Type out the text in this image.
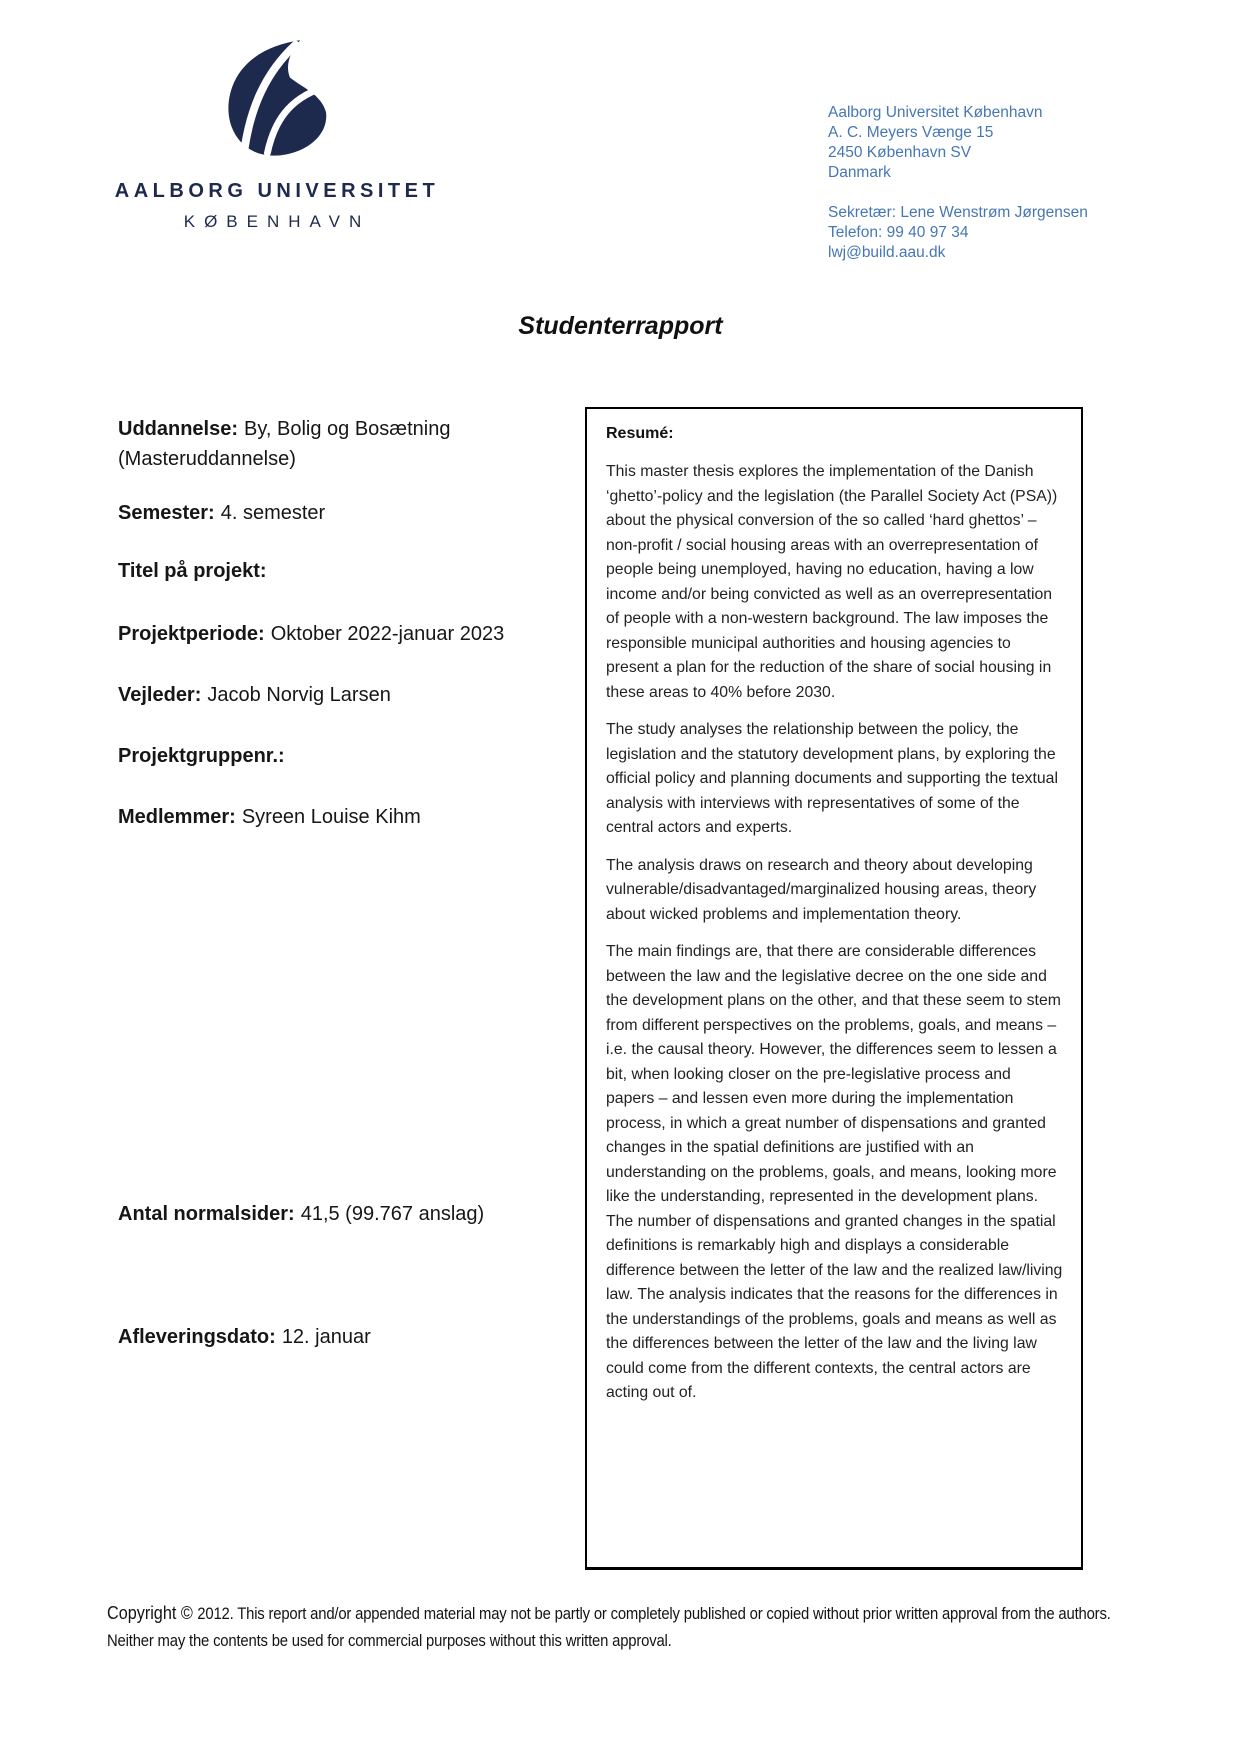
AALBORG UNIVERSITET
KØBENHAVN
Aalborg Universitet København
A. C. Meyers Vænge 15
2450 København SV
Danmark
Sekretær: Lene Wenstrøm Jørgensen
Telefon: 99 40 97 34
lwj@build.aau.dk
Studenterrapport
Uddannelse: By, Bolig og Bosætning (Masteruddannelse)
Semester: 4. semester
Titel på projekt:
Projektperiode: Oktober 2022-januar 2023
Vejleder: Jacob Norvig Larsen
Projektgruppenr.:
Medlemmer: Syreen Louise Kihm
Antal normalsider: 41,5 (99.767 anslag)
Afleveringsdato: 12. januar
Resumé:

This master thesis explores the implementation of the Danish ‘ghetto’-policy and the legislation (the Parallel Society Act (PSA)) about the physical conversion of the so called ‘hard ghettos’ – non-profit / social housing areas with an overrepresentation of people being unemployed, having no education, having a low income and/or being convicted as well as an overrepresentation of people with a non-western background. The law imposes the responsible municipal authorities and housing agencies to present a plan for the reduction of the share of social housing in these areas to 40% before 2030.

The study analyses the relationship between the policy, the legislation and the statutory development plans, by exploring the official policy and planning documents and supporting the textual analysis with interviews with representatives of some of the central actors and experts.

The analysis draws on research and theory about developing vulnerable/disadvantaged/marginalized housing areas, theory about wicked problems and implementation theory.

The main findings are, that there are considerable differences between the law and the legislative decree on the one side and the development plans on the other, and that these seem to stem from different perspectives on the problems, goals, and means – i.e. the causal theory. However, the differences seem to lessen a bit, when looking closer on the pre-legislative process and papers – and lessen even more during the implementation process, in which a great number of dispensations and granted changes in the spatial definitions are justified with an understanding on the problems, goals, and means, looking more like the understanding, represented in the development plans. The number of dispensations and granted changes in the spatial definitions is remarkably high and displays a considerable difference between the letter of the law and the realized law/living law. The analysis indicates that the reasons for the differences in the understandings of the problems, goals and means as well as the differences between the letter of the law and the living law could come from the different contexts, the central actors are acting out of.

Copyright © 2012. This report and/or appended material may not be partly or completely published or copied without prior written approval from the authors. Neither may the contents be used for commercial purposes without this written approval.
